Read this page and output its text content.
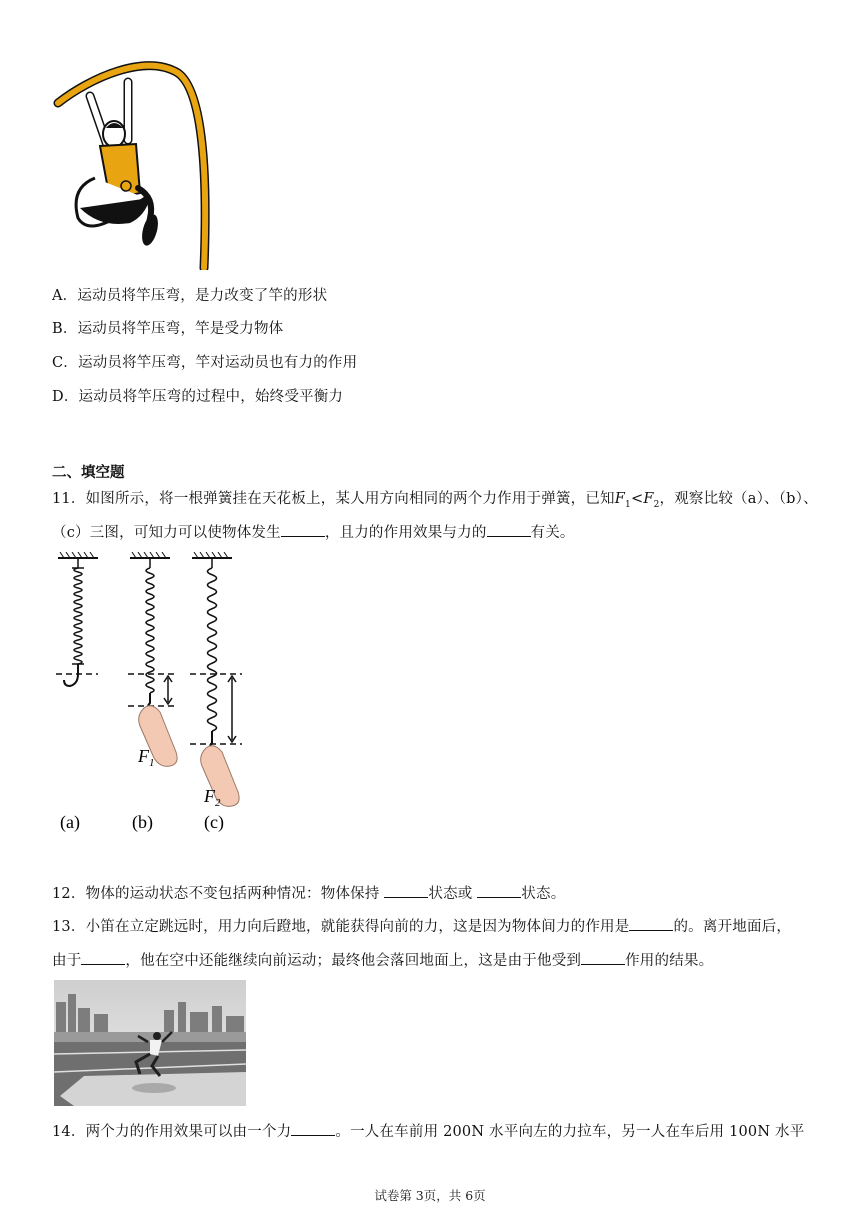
A．运动员将竿压弯，是力改变了竿的形状
B．运动员将竿压弯，竿是受力物体
C．运动员将竿压弯，竿对运动员也有力的作用
D．运动员将竿压弯的过程中，始终受平衡力
二、填空题
11．如图所示，将一根弹簧挂在天花板上，某人用方向相同的两个力作用于弹簧，已知$F_1<F_2$，观察比较（a）、（b）、
（c）三图，可知力可以使物体发生	，且力的作用效果与力的	有关。
$F_1$
$F_2$
(a)	(b)	(c)
12．物体的运动状态不变包括两种情况：物体保持	状态或	状态。
13．小笛在立定跳远时，用力向后蹬地，就能获得向前的力，这是因为物体间力的作用是	的。离开地面后，
由于	，他在空中还能继续向前运动；最终他会落回地面上，这是由于他受到	作用的结果。
14．两个力的作用效果可以由一个力	。一人在车前用 200N 水平向左的力拉车，另一人在车后用 100N 水平
试卷第 3页，共 6页
